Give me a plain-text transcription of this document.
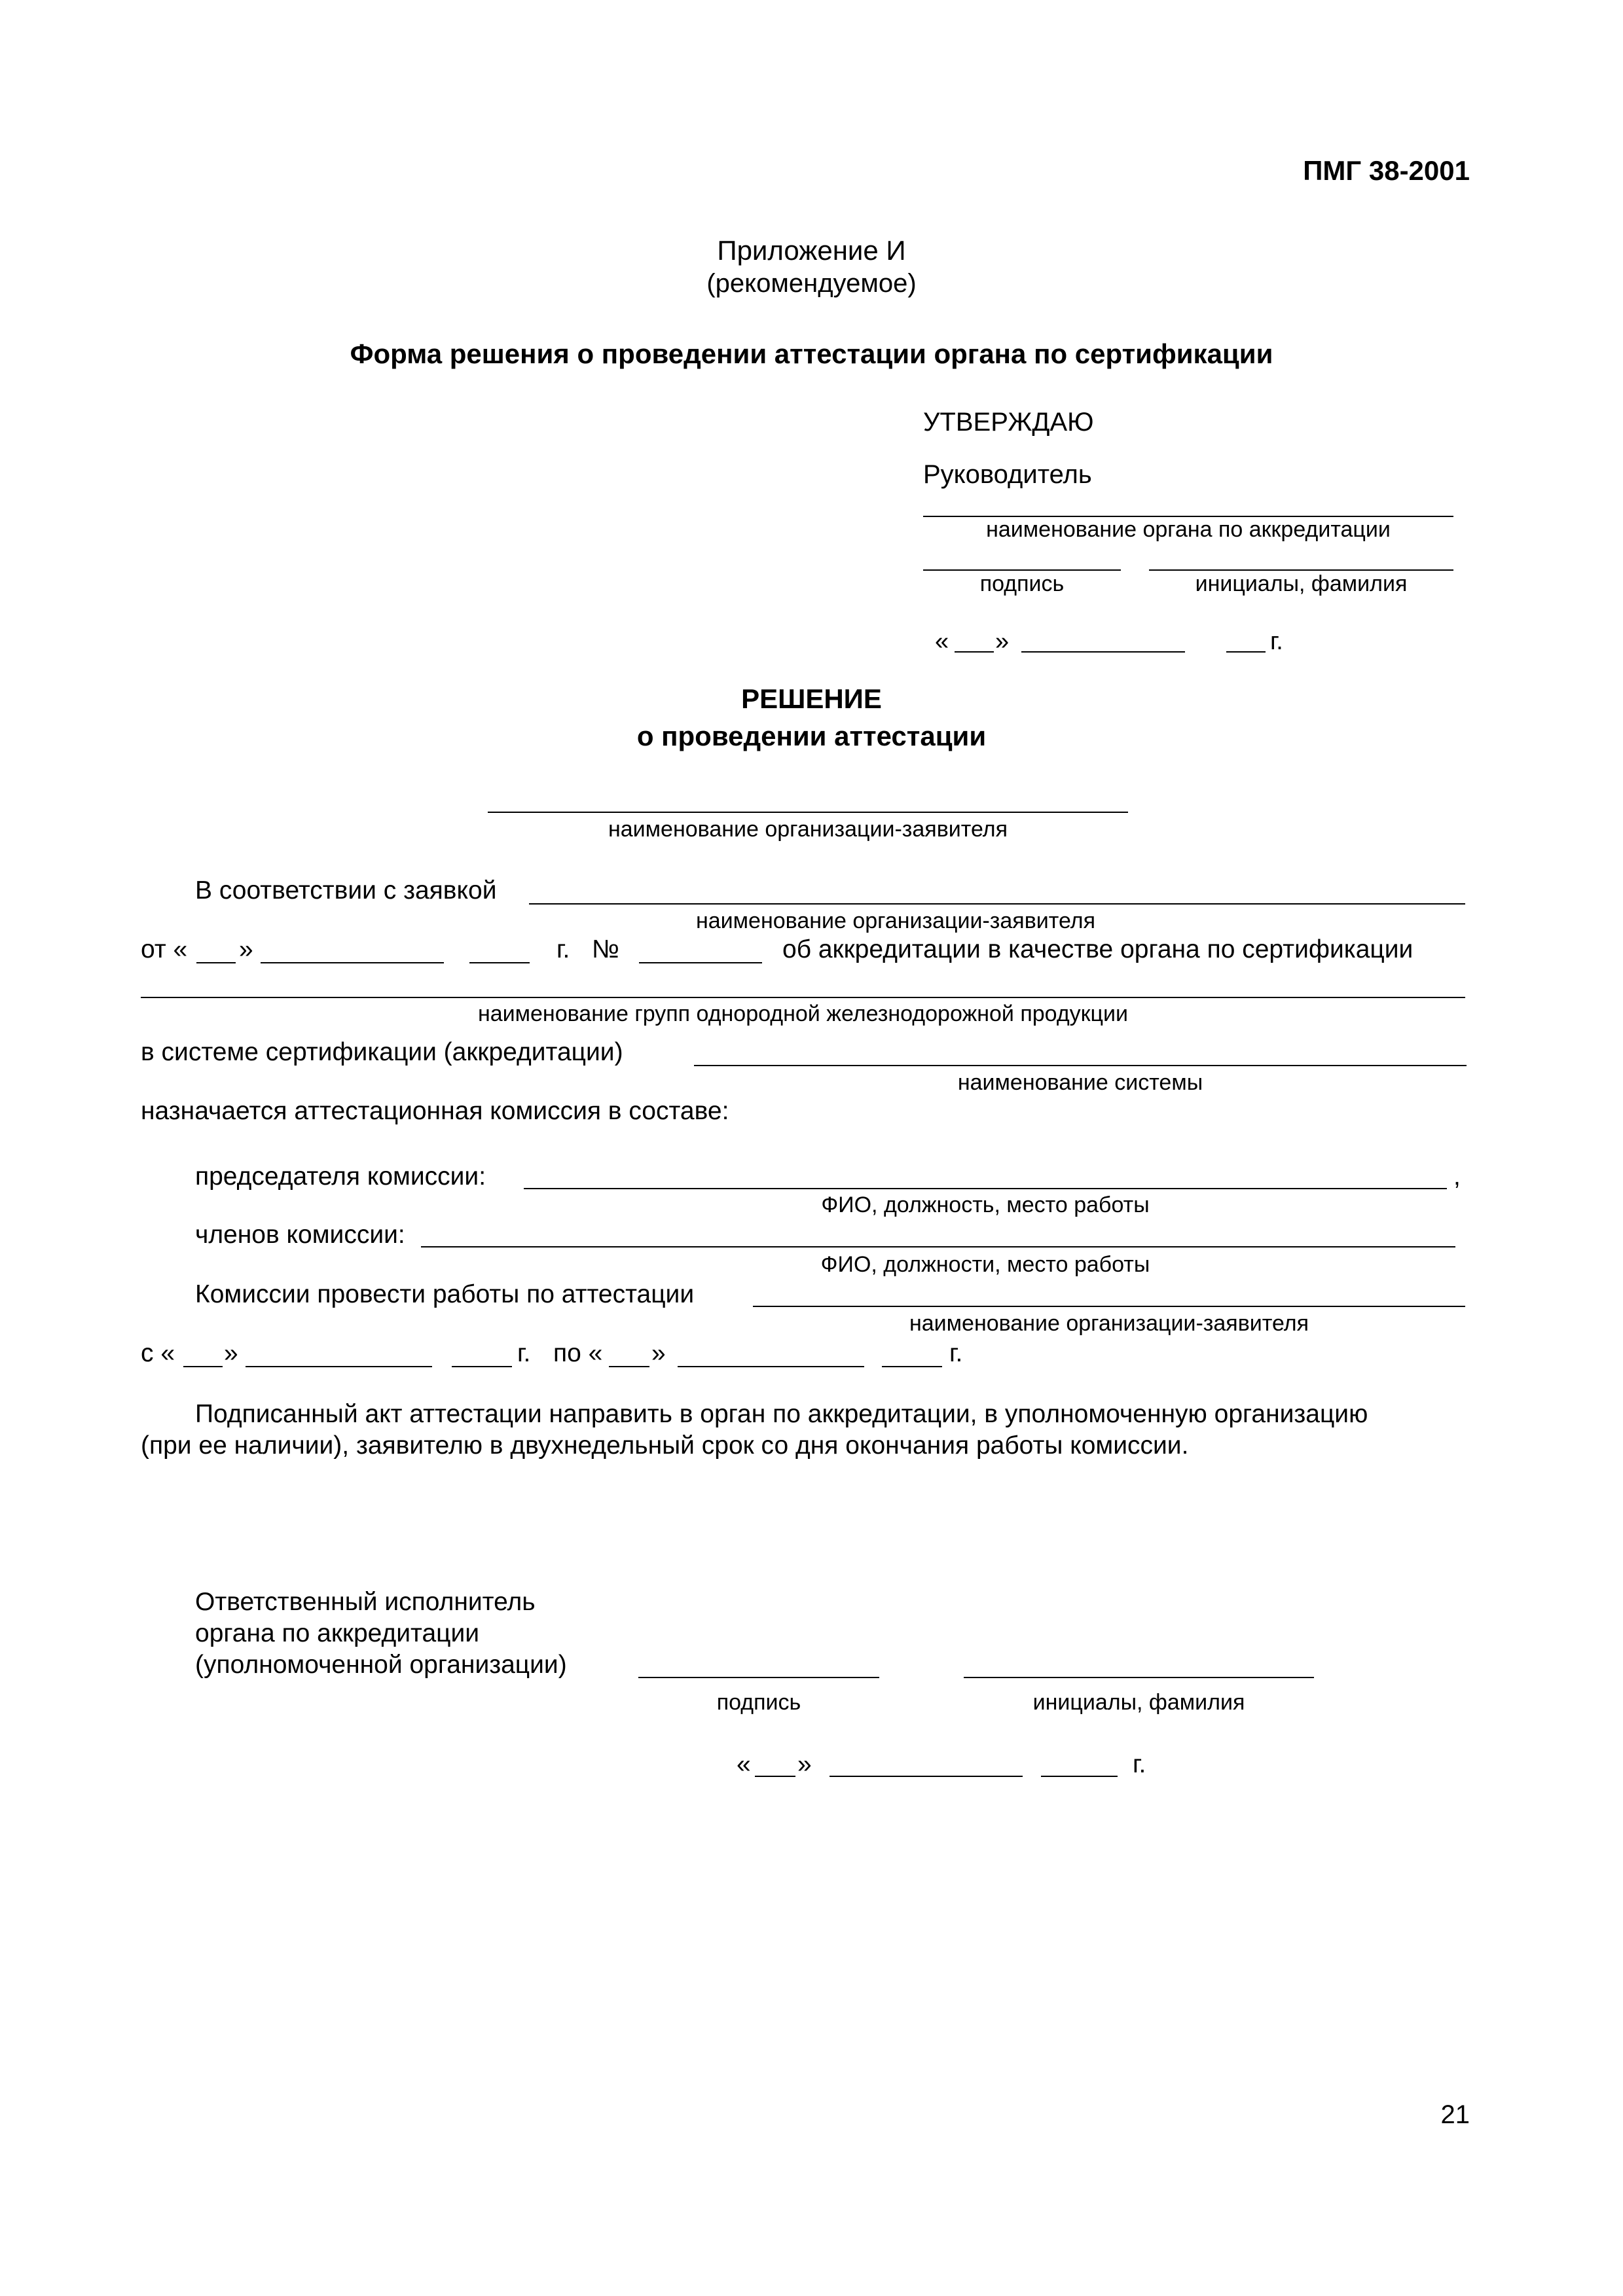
ПМГ 38-2001
Приложение И
(рекомендуемое)
Форма решения о проведении аттестации органа по сертификации
УТВЕРЖДАЮ
Руководитель
наименование органа по аккредитации
подпись	инициалы, фамилия
« »	г.
РЕШЕНИЕ
о проведении аттестации
наименование организации-заявителя
В соответствии с заявкой
наименование организации-заявителя
от « »	г. №	об аккредитации в качестве органа по сертификации
наименование групп однородной железнодорожной продукции
в системе сертификации (аккредитации)
наименование системы
назначается аттестационная комиссия в составе:
председателя комиссии:	,
ФИО, должность, место работы
членов комиссии:
ФИО, должности, место работы
Комиссии провести работы по аттестации
наименование организации-заявителя
с « »	г. по « »	г.
Подписанный акт аттестации направить в орган по аккредитации, в уполномоченную организацию
(при ее наличии), заявителю в двухнедельный срок со дня окончания работы комиссии.
Ответственный исполнитель
органа по аккредитации
(уполномоченной организации)
подпись	инициалы, фамилия
« »	г.
21
